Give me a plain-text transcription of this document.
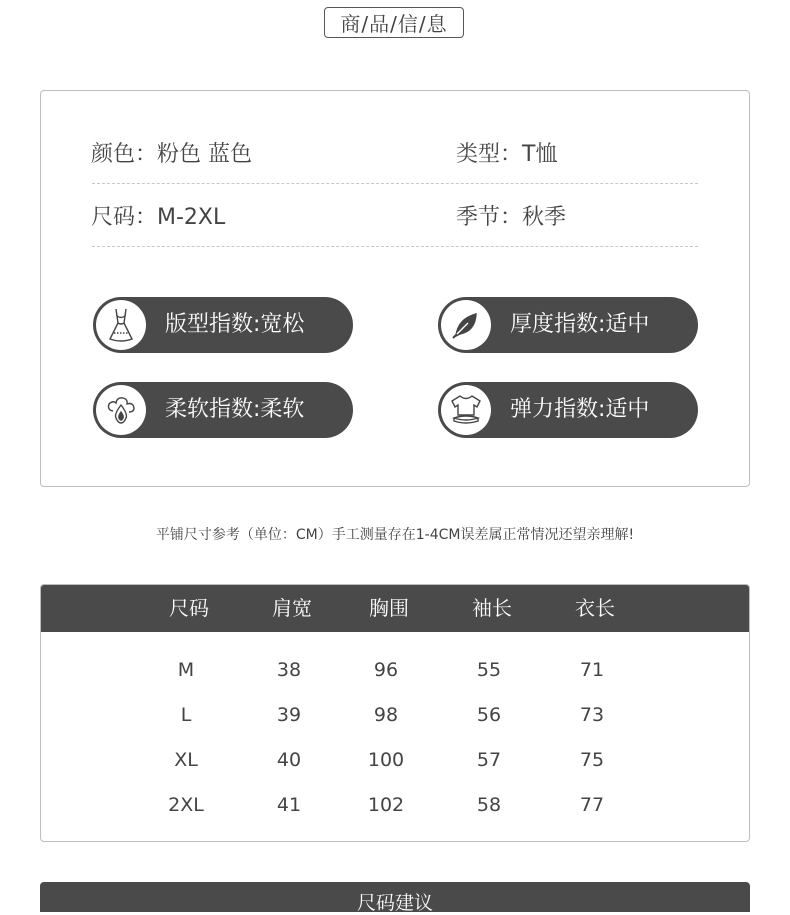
商/品/信/息
颜色：粉色 蓝色	类型：T恤
尺码：M-2XL	季节：秋季
版型指数:宽松	厚度指数:适中
柔软指数:柔软	弹力指数:适中
平铺尺寸参考（单位：CM）手工测量存在1-4CM误差属正常情况还望亲理解!
尺码	肩宽	胸围	袖长	衣长
M	38	96	55	71
L	39	98	56	73
XL	40	100	57	75
2XL	41	102	58	77
尺码建议
